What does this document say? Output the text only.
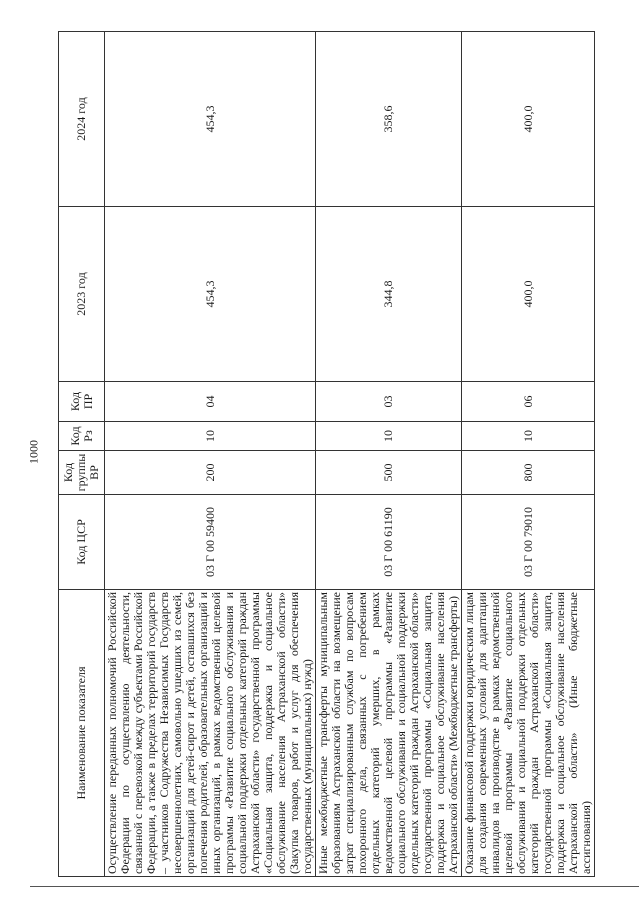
1000
Наименование показателя	Код ЦСР	Код группы ВР	Код Рз	Код ПР	2023 год	2024 год
Осуществление переданных полномочий Российской Федерации по осуществлению деятельности, связанной с перевозкой между субъектами Российской Федерации, а также в пределах территорий государств – участников Содружества Независимых Государств несовершеннолетних, самовольно ушедших из семей, организаций для детей-сирот и детей, оставшихся без попечения родителей, образовательных организаций и иных организаций, в рамках ведомственной целевой программы «Развитие социального обслуживания и социальной поддержки отдельных категорий граждан Астраханской области» государственной программы «Социальная защита, поддержка и социальное обслуживание населения Астраханской области» (Закупка товаров, работ и услуг для обеспечения государственных (муниципальных) нужд)	03 Г 00 59400	200	10	04	454,3	454,3
Иные межбюджетные трансферты муниципальным образованиям Астраханской области на возмещение затрат специализированным службам по вопросам похоронного дела, связанных с погребением отдельных категорий умерших, в рамках ведомственной целевой программы «Развитие социального обслуживания и социальной поддержки отдельных категорий граждан Астраханской области» государственной программы «Социальная защита, поддержка и социальное обслуживание населения Астраханской области» (Межбюджетные трансферты)	03 Г 00 61190	500	10	03	344,8	358,6
Оказание финансовой поддержки юридическим лицам для создания современных условий для адаптации инвалидов на производстве в рамках ведомственной целевой программы «Развитие социального обслуживания и социальной поддержки отдельных категорий граждан Астраханской области» государственной программы «Социальная защита, поддержка и социальное обслуживание населения Астраханской области» (Иные бюджетные ассигнования)	03 Г 00 79010	800	10	06	400,0	400,0
